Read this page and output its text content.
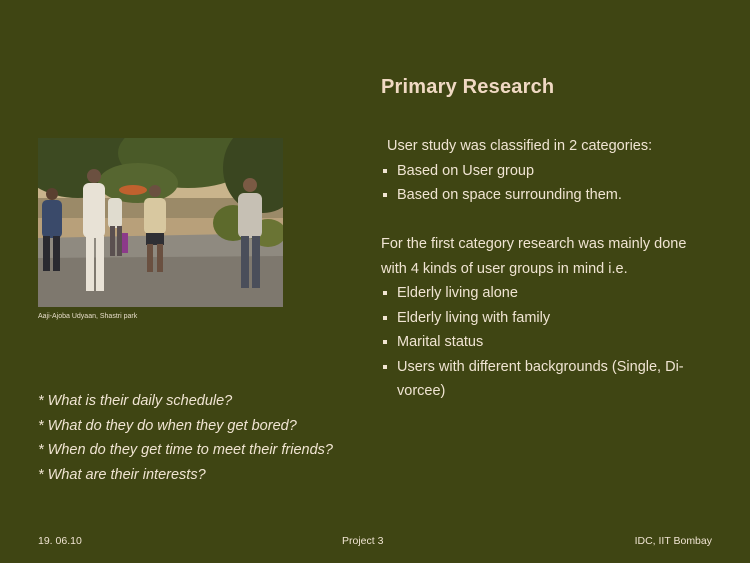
Primary Research
Aaji-Ajoba Udyaan, Shastri park

User study was classified in 2 categories:

Based on User group
Based on space surrounding them.

For the first category research was mainly done with 4 kinds of user groups in mind i.e.

Elderly living alone
Elderly living with family
Marital status
Users with different backgrounds (Single, Di-vorcee)
* What is their daily schedule?
* What do they do when they get bored?
* When do they get time to meet their friends?
* What are their interests?
19. 06.10	Project 3	IDC, IIT Bombay
